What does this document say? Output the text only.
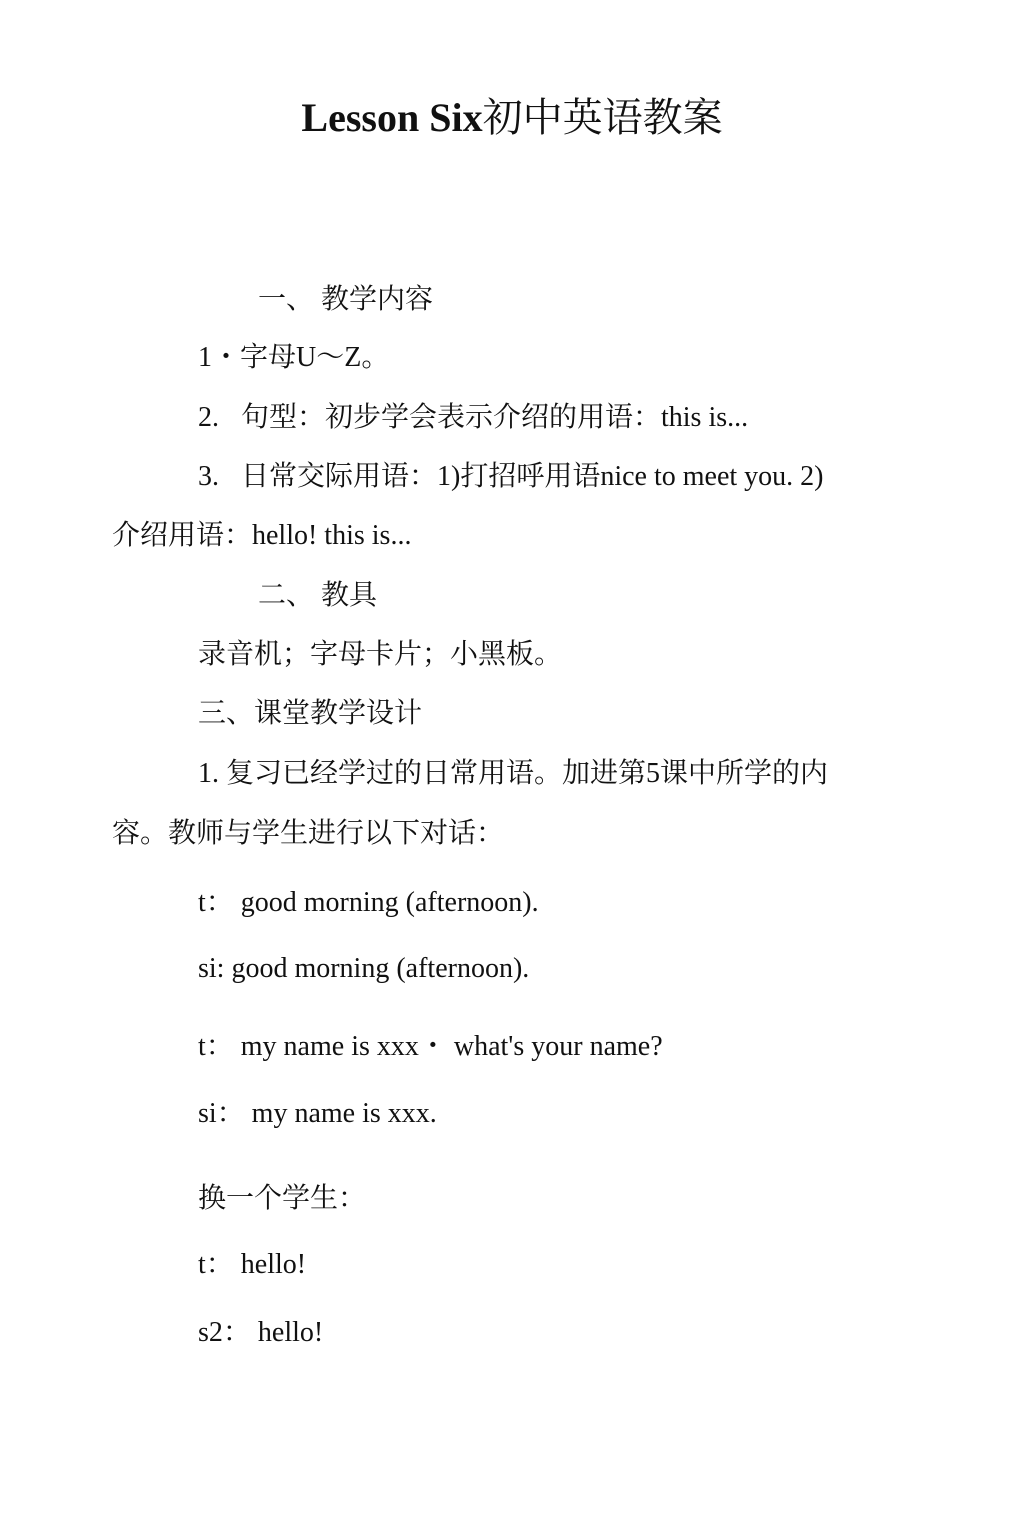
Lesson Six初中英语教案
一、 教学内容
1・字母U～Z。
2. 句型：初步学会表示介绍的用语：this is...
3. 日常交际用语：1)打招呼用语nice to meet you. 2)
介绍用语：hello! this is...
二、 教具
录音机；字母卡片；小黑板。
三、课堂教学设计
1. 复习已经学过的日常用语。加进第5课中所学的内
容。教师与学生进行以下对话：
t： good morning (afternoon).
si: good morning (afternoon).
t： my name is xxx・ what's your name?
si： my name is xxx.
换一个学生：
t： hello!
s2： hello!
